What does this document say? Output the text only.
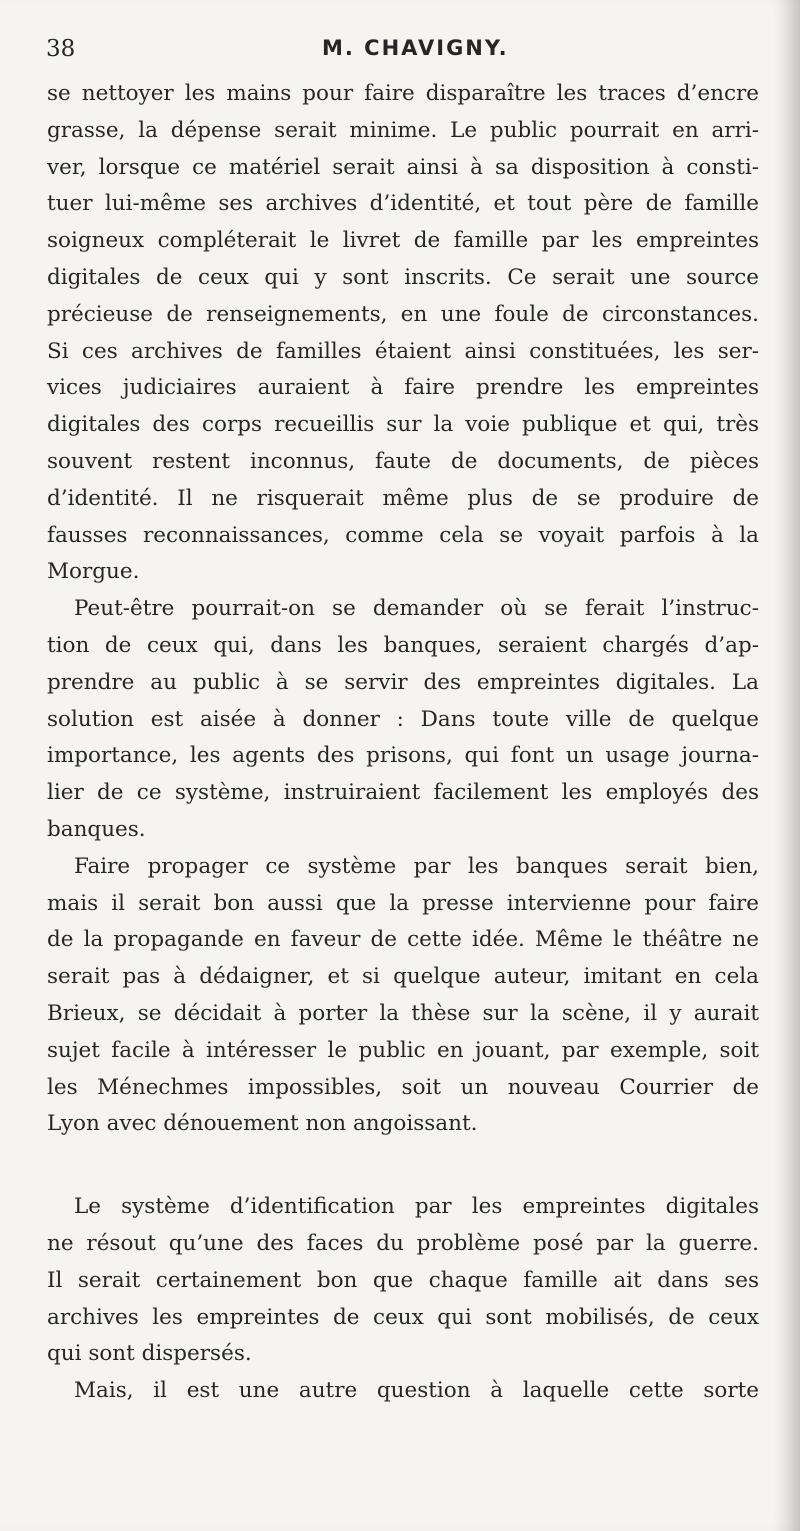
38	M. CHAVIGNY.
se nettoyer les mains pour faire disparaître les traces d’encre
grasse, la dépense serait minime. Le public pourrait en arri-
ver, lorsque ce matériel serait ainsi à sa disposition à consti-
tuer lui-même ses archives d’identité, et tout père de famille
soigneux compléterait le livret de famille par les empreintes
digitales de ceux qui y sont inscrits. Ce serait une source
précieuse de renseignements, en une foule de circonstances.
Si ces archives de familles étaient ainsi constituées, les ser-
vices judiciaires auraient à faire prendre les empreintes
digitales des corps recueillis sur la voie publique et qui, très
souvent restent inconnus, faute de documents, de pièces
d’identité. Il ne risquerait même plus de se produire de
fausses reconnaissances, comme cela se voyait parfois à la
Morgue.
Peut-être pourrait-on se demander où se ferait l’instruc-
tion de ceux qui, dans les banques, seraient chargés d’ap-
prendre au public à se servir des empreintes digitales. La
solution est aisée à donner : Dans toute ville de quelque
importance, les agents des prisons, qui font un usage journa-
lier de ce système, instruiraient facilement les employés des
banques.
Faire propager ce système par les banques serait bien,
mais il serait bon aussi que la presse intervienne pour faire
de la propagande en faveur de cette idée. Même le théâtre ne
serait pas à dédaigner, et si quelque auteur, imitant en cela
Brieux, se décidait à porter la thèse sur la scène, il y aurait
sujet facile à intéresser le public en jouant, par exemple, soit
les Ménechmes impossibles, soit un nouveau Courrier de
Lyon avec dénouement non angoissant.
Le système d’identification par les empreintes digitales
ne résout qu’une des faces du problème posé par la guerre.
Il serait certainement bon que chaque famille ait dans ses
archives les empreintes de ceux qui sont mobilisés, de ceux
qui sont dispersés.
Mais, il est une autre question à laquelle cette sorte
